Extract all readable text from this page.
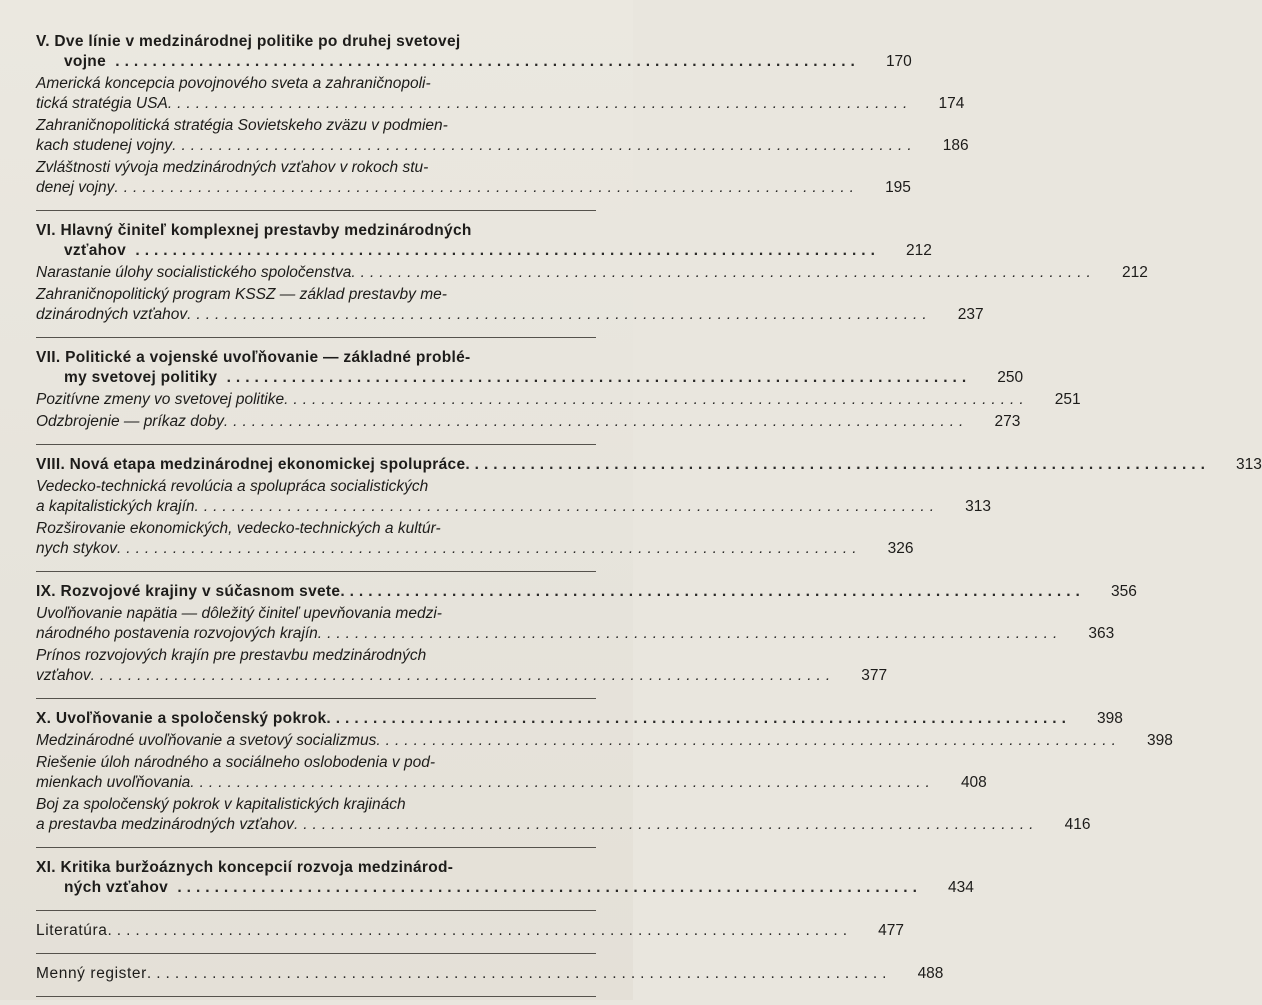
V. Dve línie v medzinárodnej politike po druhej svetovej
vojne ................................................................................	170
Americká koncepcia povojnového sveta a zahraničnopoli-
tická stratégia USA ................................................................................	174
Zahraničnopolitická stratégia Sovietskeho zväzu v podmien-
kach studenej vojny ................................................................................	186
Zvláštnosti vývoja medzinárodných vzťahov v rokoch stu-
denej vojny ................................................................................	195
VI. Hlavný činiteľ komplexnej prestavby medzinárodných
vzťahov ................................................................................	212
Narastanie úlohy socialistického spoločenstva ................................................................................	212
Zahraničnopolitický program KSSZ — základ prestavby me-
dzinárodných vzťahov ................................................................................	237
VII. Politické a vojenské uvoľňovanie — základné problé-
my svetovej politiky ................................................................................	250
Pozitívne zmeny vo svetovej politike ................................................................................	251
Odzbrojenie — príkaz doby ................................................................................	273
VIII. Nová etapa medzinárodnej ekonomickej spolupráce ................................................................................	313
Vedecko-technická revolúcia a spolupráca socialistických
a kapitalistických krajín ................................................................................	313
Rozširovanie ekonomických, vedecko-technických a kultúr-
nych stykov ................................................................................	326
IX. Rozvojové krajiny v súčasnom svete ................................................................................	356
Uvoľňovanie napätia — dôležitý činiteľ upevňovania medzi-
národného postavenia rozvojových krajín ................................................................................	363
Prínos rozvojových krajín pre prestavbu medzinárodných
vzťahov ................................................................................	377
X. Uvoľňovanie a spoločenský pokrok ................................................................................	398
Medzinárodné uvoľňovanie a svetový socializmus ................................................................................	398
Riešenie úloh národného a sociálneho oslobodenia v pod-
mienkach uvoľňovania ................................................................................	408
Boj za spoločenský pokrok v kapitalistických krajinách
a prestavba medzinárodných vzťahov ................................................................................	416
XI. Kritika buržoáznych koncepcií rozvoja medzinárod-
ných vzťahov ................................................................................	434
Literatúra ................................................................................	477
Menný register ................................................................................	488
